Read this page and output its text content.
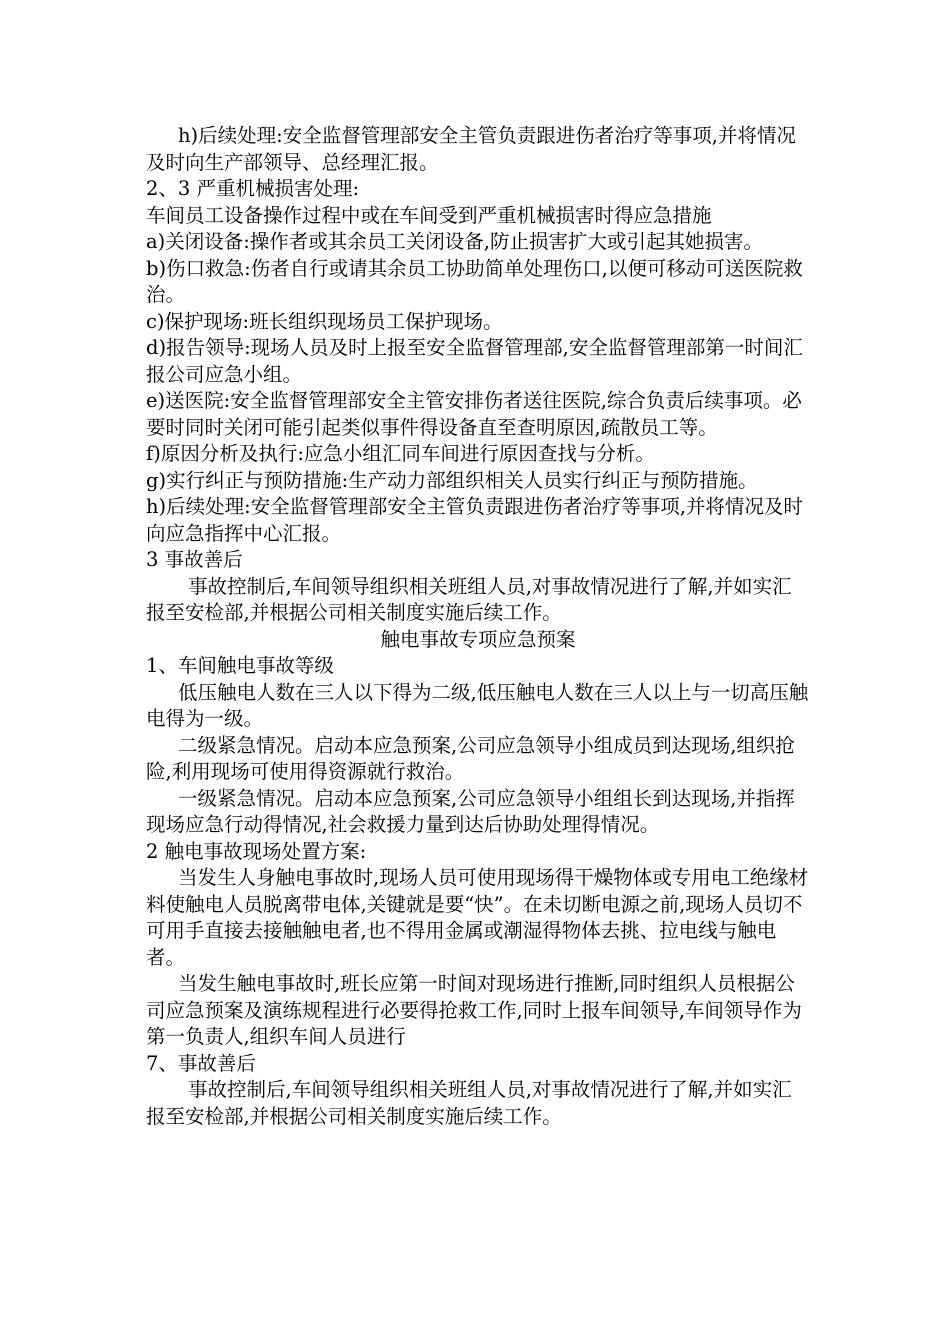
h)后续处理:安全监督管理部安全主管负责跟进伤者治疗等事项,并将情况及时向生产部领导、总经理汇报。

2、3 严重机械损害处理:

车间员工设备操作过程中或在车间受到严重机械损害时得应急措施

a)关闭设备:操作者或其余员工关闭设备,防止损害扩大或引起其她损害。

b)伤口救急:伤者自行或请其余员工协助简单处理伤口,以便可移动可送医院救治。

c)保护现场:班长组织现场员工保护现场。

d)报告领导:现场人员及时上报至安全监督管理部,安全监督管理部第一时间汇报公司应急小组。

e)送医院:安全监督管理部安全主管安排伤者送往医院,综合负责后续事项。必要时同时关闭可能引起类似事件得设备直至查明原因,疏散员工等。

f)原因分析及执行:应急小组汇同车间进行原因查找与分析。

g)实行纠正与预防措施:生产动力部组织相关人员实行纠正与预防措施。

h)后续处理:安全监督管理部安全主管负责跟进伤者治疗等事项,并将情况及时向应急指挥中心汇报。

3 事故善后

事故控制后,车间领导组织相关班组人员,对事故情况进行了解,并如实汇报至安检部,并根据公司相关制度实施后续工作。

触电事故专项应急预案

1、车间触电事故等级

低压触电人数在三人以下得为二级,低压触电人数在三人以上与一切高压触电得为一级。

二级紧急情况。启动本应急预案,公司应急领导小组成员到达现场,组织抢险,利用现场可使用得资源就行救治。

一级紧急情况。启动本应急预案,公司应急领导小组组长到达现场,并指挥现场应急行动得情况,社会救援力量到达后协助处理得情况。

2 触电事故现场处置方案:

当发生人身触电事故时,现场人员可使用现场得干燥物体或专用电工绝缘材料使触电人员脱离带电体,关键就是要“快”。在未切断电源之前,现场人员切不可用手直接去接触触电者,也不得用金属或潮湿得物体去挑、拉电线与触电者。

当发生触电事故时,班长应第一时间对现场进行推断,同时组织人员根据公司应急预案及演练规程进行必要得抢救工作,同时上报车间领导,车间领导作为第一负责人,组织车间人员进行

7、事故善后

事故控制后,车间领导组织相关班组人员,对事故情况进行了解,并如实汇报至安检部,并根据公司相关制度实施后续工作。
